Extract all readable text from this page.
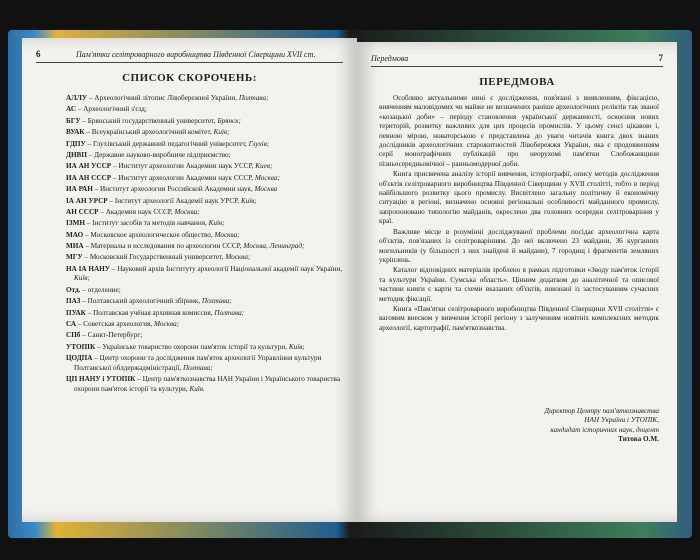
6	Пам'ятки селітроварного виробництва Південної Сіверщини XVII ст.
СПИСОК СКОРОЧЕНЬ:
АЛЛУ – Археологічний літопис Лівобережної України, Полтава;
АС – Археологічний з'єзд;
БГУ – Брянський государственный университет, Брянск;
ВУАК – Всеукраїнський археологічний комітет, Київ;
ГДПУ – Глухівський державний педагогічний університет, Глухів;
ДНВП – Державне науково-виробниче підприємство;
ИА АН УССР – Институт археологии Академии наук УССР, Киев;
ИА АН СССР – Институт археологии Академии наук СССР, Москва;
ИА РАН – Институт археологии Российской Академии наук, Москва
ІА АН УРСР – Інститут археології Академії наук УРСР, Київ;
АН СССР – Академия наук СССР, Москва;
ІЗМН – Інститут засобів та методів навчання, Київ;
МАО – Московское археологическое общество, Москва;
МИА – Материалы и исследования по археологии СССР, Москва, Ленинград;
МГУ – Московский Государственный университет, Москва;
НА ІА НАНУ – Науковий архів Інституту археології Національної академії наук України, Київ;
Отд. – отделение;
ПАЗ – Полтавський археологічний збірник, Полтава;
ПУАК – Полтавская учёная архивная комиссия, Полтава;
СА – Советская археология, Москва;
СПб – Санкт-Петербург;
УТОПІК – Українське товариство охорони пам'яток історії та культури, Київ;
ЦОДПА – Центр охорони та дослідження пам'яток археології Управління культури Полтавської облдержадміністрації, Полтава;
ЦП НАНУ і УТОПІК – Центр пам'яткознавства НАН України і Українського товариства охорони пам'яток історії та культури, Київ.
Передмова	7
ПЕРЕДМОВА

Особливо актуальними нині є дослідження, пов'язані з виявленням, фіксацією, вивченням маловідомих чи майже не визначених раніше археологічних реліктів так званої «козацької доби» – періоду становлення української державності, освоєння нових територій, розвитку важливих для цих процесів промислів. У цьому сенсі цікавою і, певною мірою, новаторською є представлена до уваги читачів книга двох знаних дослідників археологічних старожитностей Лівобережжя України, яка є продовженням серії монографічних публікацій про неорухомі пам'ятки Слобожанщини пізньосередньовічної – ранньомодерної доби.

Книга присвячена аналізу історії вивчення, історіографії, опису методів дослідження об'єктів селітроварного виробництва Південної Сіверщини у XVII столітті, тобто в період найбільшого розвитку цього промислу. Висвітлено загальну політичну й економічну ситуацію в регіоні, визначено основні регіональні особливості майданного промислу, запропоновано типологію майданів, окреслено два головних осередки селітроваріння у краї.

Важливе місце в розумінні досліджуваної проблеми посідає археологічна карта об'єктів, пов'язаних із селітроварінням. До неї включено 23 майдани, 36 курганних могильників (у більшості з них знайдені й майдани), 7 городищ і фрагментів земляних укріплень.

Каталог відповідних матеріалів зроблено в рамках підготовки «Зводу пам'яток історії та культури України. Сумська область». Цінним додатком до аналітичної та описової частини книги є карти та схеми вказаних об'єктів, виконані із застосуванням сучасних методик фіксації.

Книга «Пам'ятки селітроварного виробництва Південної Сіверщини XVII століття» є вагомим внеском у вивчення історії регіону з залученням новітніх комплексних методик археології, картографії, пам'яткознавства.

Директор Центру пам'яткознавства
НАН України і УТОПІК,
кандидат історичних наук, доцент
Титова О.М.
